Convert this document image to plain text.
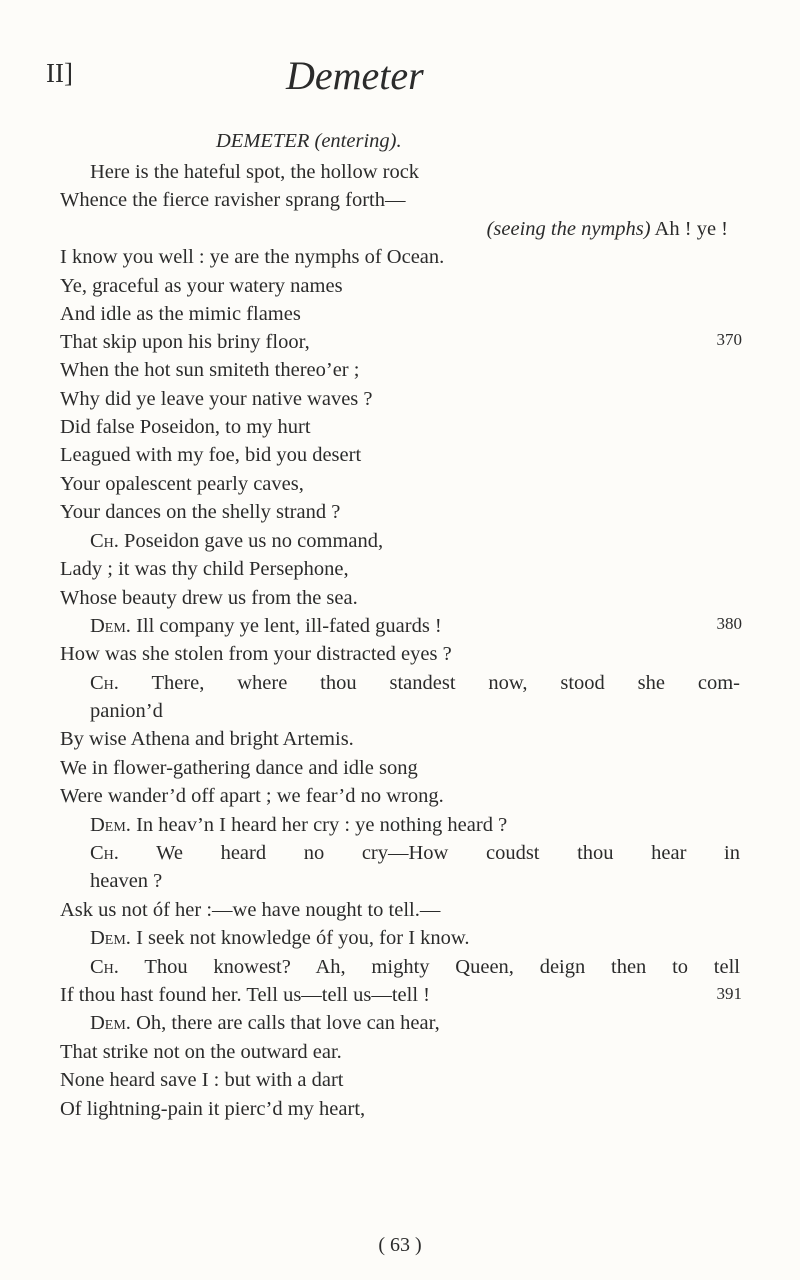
II]	Demeter
DEMETER (entering).
Here is the hateful spot, the hollow rock
Whence the fierce ravisher sprang forth—
(seeing the nymphs) Ah ! ye !
I know you well : ye are the nymphs of Ocean.
Ye, graceful as your watery names
And idle as the mimic flames
That skip upon his briny floor,	370
When the hot sun smiteth thereo’er ;
Why did ye leave your native waves ?
Did false Poseidon, to my hurt
Leagued with my foe, bid you desert
Your opalescent pearly caves,
Your dances on the shelly strand ?
Ch. Poseidon gave us no command,
Lady ; it was thy child Persephone,
Whose beauty drew us from the sea.
Dem. Ill company ye lent, ill-fated guards !	380
How was she stolen from your distracted eyes ?
Ch. There, where thou standest now, stood she com-
panion’d
By wise Athena and bright Artemis.
We in flower-gathering dance and idle song
Were wander’d off apart ; we fear’d no wrong.
Dem. In heav’n I heard her cry : ye nothing heard ?
Ch. We heard no cry—How coudst thou hear in
heaven ?
Ask us not óf her :—we have nought to tell.—
Dem. I seek not knowledge óf you, for I know.
Ch. Thou knowest? Ah, mighty Queen, deign then to tell
If thou hast found her. Tell us—tell us—tell !	391
Dem. Oh, there are calls that love can hear,
That strike not on the outward ear.
None heard save I : but with a dart
Of lightning-pain it pierc’d my heart,
( 63 )
